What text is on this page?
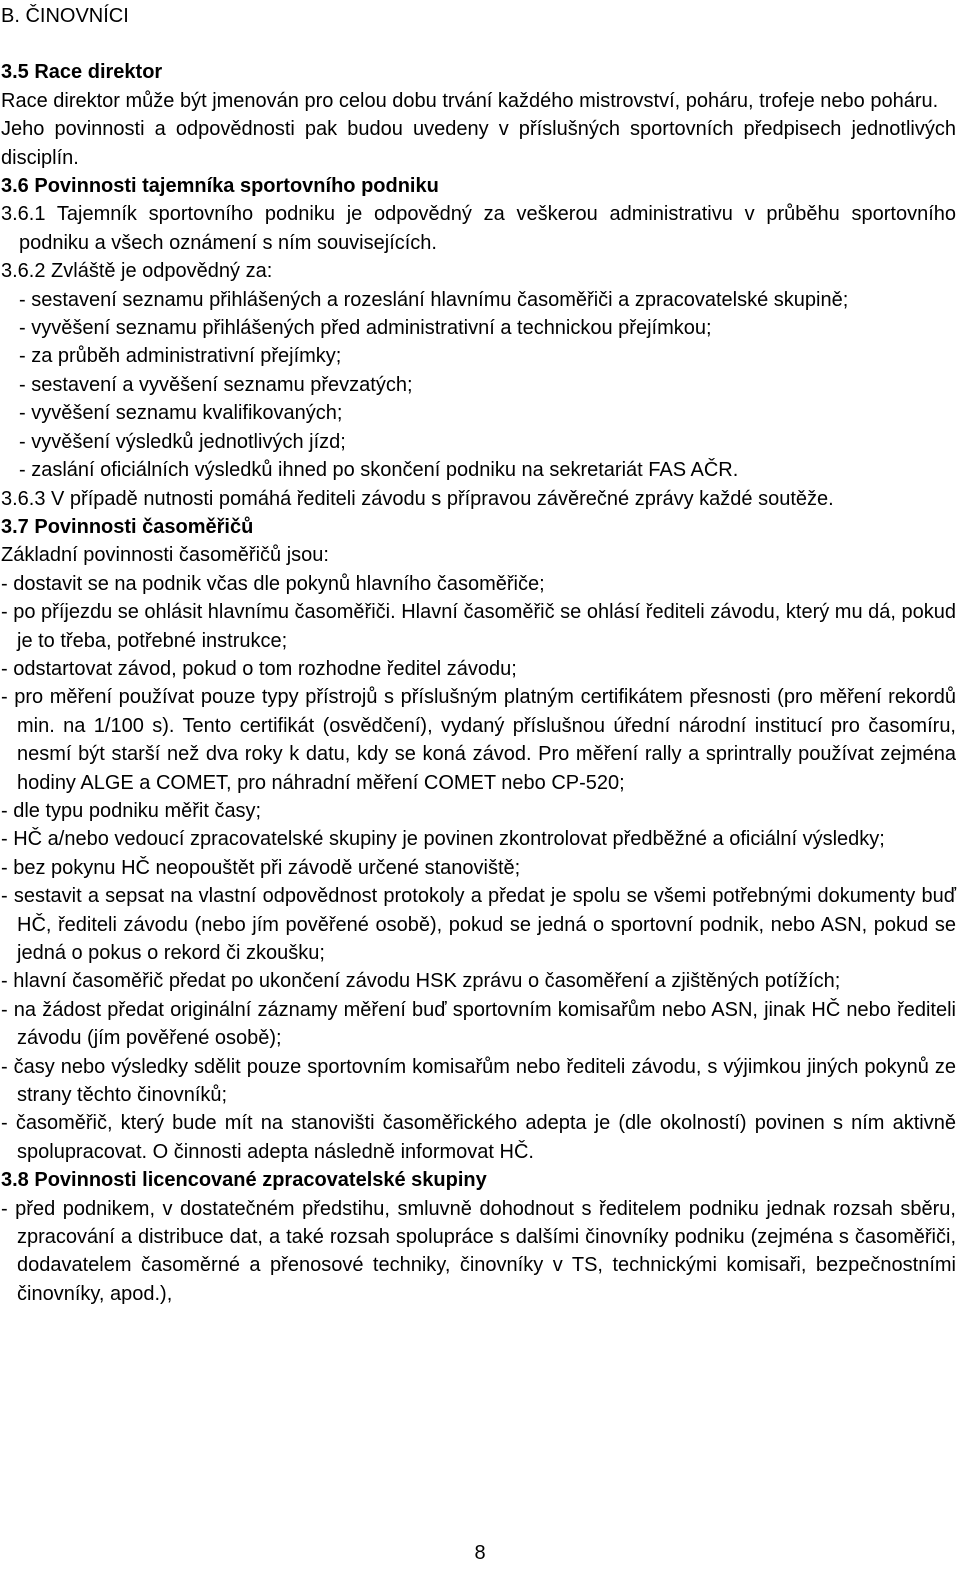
B. ČINOVNÍCI

3.5 Race direktor

Race direktor může být jmenován pro celou dobu trvání každého mistrovství, poháru, trofeje nebo poháru.

Jeho povinnosti a odpovědnosti pak budou uvedeny v příslušných sportovních předpisech jednotlivých disciplín.

3.6 Povinnosti tajemníka sportovního podniku

3.6.1 Tajemník sportovního podniku je odpovědný za veškerou administrativu v průběhu sportovního podniku a všech oznámení s ním souvisejících.

3.6.2 Zvláště je odpovědný za:

- sestavení seznamu přihlášených a rozeslání hlavnímu časoměřiči a zpracovatelské skupině;

- vyvěšení seznamu přihlášených před administrativní a technickou přejímkou;

- za průběh administrativní přejímky;

- sestavení a vyvěšení seznamu převzatých;

- vyvěšení seznamu kvalifikovaných;

- vyvěšení výsledků jednotlivých jízd;

- zaslání oficiálních výsledků ihned po skončení podniku na sekretariát FAS AČR.

3.6.3 V případě nutnosti pomáhá řediteli závodu s přípravou závěrečné zprávy každé soutěže.

3.7 Povinnosti časoměřičů

Základní povinnosti časoměřičů jsou:

- dostavit se na podnik včas dle pokynů hlavního časoměřiče;

- po příjezdu se ohlásit hlavnímu časoměřiči. Hlavní časoměřič se ohlásí řediteli závodu, který mu dá, pokud je to třeba, potřebné instrukce;

- odstartovat závod, pokud o tom rozhodne ředitel závodu;

- pro měření používat pouze typy přístrojů s příslušným platným certifikátem přesnosti (pro měření rekordů min. na 1/100 s). Tento certifikát (osvědčení), vydaný příslušnou úřední národní institucí pro časomíru, nesmí být starší než dva roky k datu, kdy se koná závod. Pro měření rally a sprintrally používat zejména hodiny ALGE a COMET, pro náhradní měření COMET nebo CP-520;

- dle typu podniku měřit časy;

- HČ a/nebo vedoucí zpracovatelské skupiny je povinen zkontrolovat předběžné a oficiální výsledky;

- bez pokynu HČ neopouštět při závodě určené stanoviště;

- sestavit a sepsat na vlastní odpovědnost protokoly a předat je spolu se všemi potřebnými dokumenty buď HČ, řediteli závodu (nebo jím pověřené osobě), pokud se jedná o sportovní podnik, nebo ASN, pokud se jedná o pokus o rekord či zkoušku;

- hlavní časoměřič předat po ukončení závodu HSK zprávu o časoměření a zjištěných potížích;

- na žádost předat originální záznamy měření buď sportovním komisařům nebo ASN, jinak HČ nebo řediteli závodu (jím pověřené osobě);

- časy nebo výsledky sdělit pouze sportovním komisařům nebo řediteli závodu, s výjimkou jiných pokynů ze strany těchto činovníků;

- časoměřič, který bude mít na stanovišti časoměřického adepta je (dle okolností) povinen s ním aktivně spolupracovat. O činnosti adepta následně informovat HČ.

3.8 Povinnosti licencované zpracovatelské skupiny

- před podnikem, v dostatečném předstihu, smluvně dohodnout s ředitelem podniku jednak rozsah sběru, zpracování a distribuce dat, a také rozsah spolupráce s dalšími činovníky podniku (zejména s časoměřiči, dodavatelem časoměrné a přenosové techniky, činovníky v TS, technickými komisaři, bezpečnostními činovníky, apod.),

8
